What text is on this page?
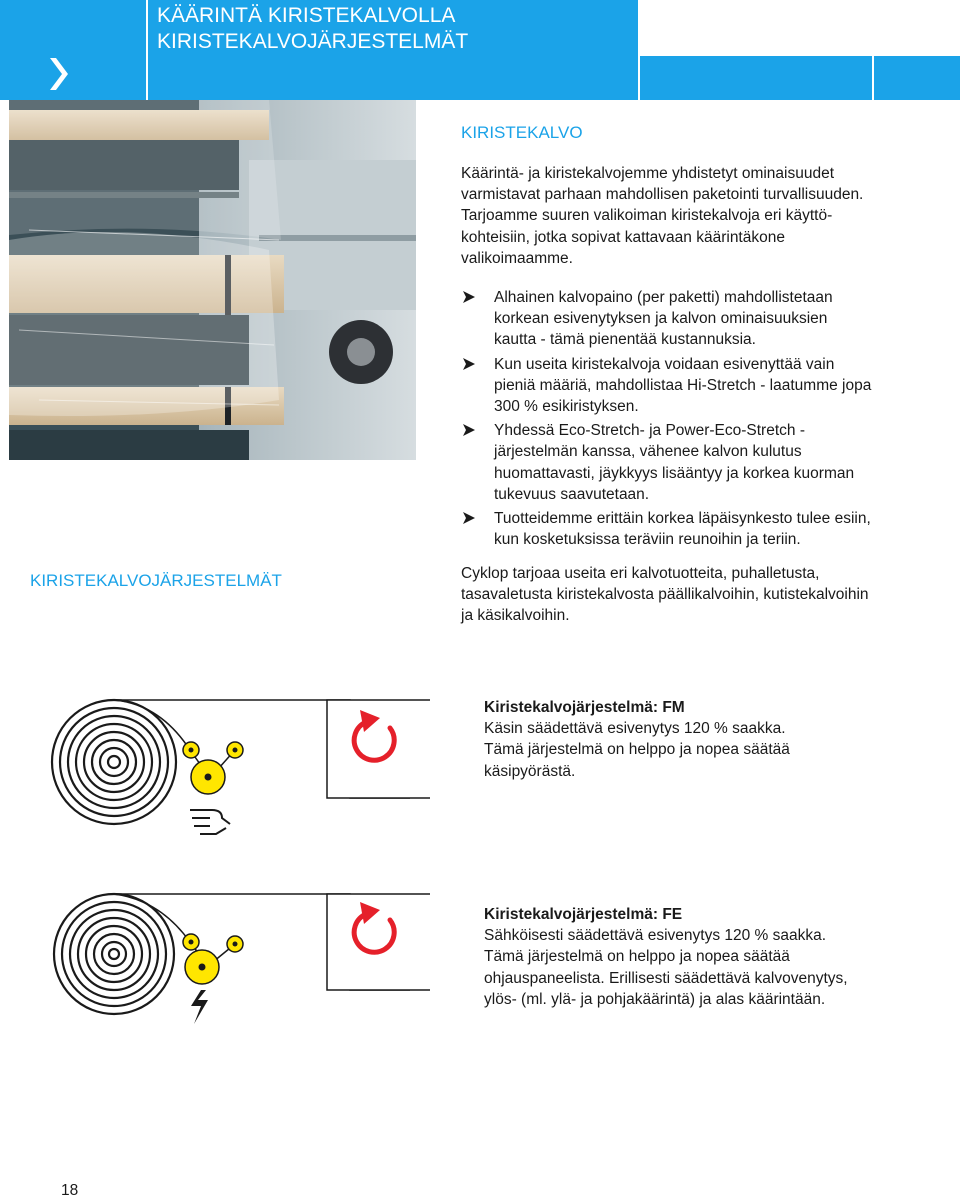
KÄÄRINTÄ KIRISTEKALVOLLA
KIRISTEKALVOJÄRJESTELMÄT
KIRISTEKALVO

Käärintä- ja kiristekalvojemme yhdistetyt ominaisuudet

varmistavat parhaan mahdollisen paketointi turvallisuuden.

Tarjoamme suuren valikoiman kiristekalvoja eri käyttö-

kohteisiin, jotka sopivat kattavaan käärintäkone

valikoimaamme.

Alhainen kalvopaino (per paketti) mahdollistetaan

korkean esivenytyksen ja kalvon ominaisuuksien

kautta - tämä pienentää kustannuksia.

Kun useita kiristekalvoja voidaan esivenyttää vain

pieniä määriä, mahdollistaa Hi-Stretch - laatumme jopa

300 % esikiristyksen.

Yhdessä Eco-Stretch- ja Power-Eco-Stretch -

järjestelmän kanssa, vähenee kalvon kulutus

huomattavasti, jäykkyys lisääntyy ja korkea kuorman

tukevuus saavutetaan.

Tuotteidemme erittäin korkea läpäisynkesto tulee esiin,

kun kosketuksissa teräviin reunoihin ja teriin.

KIRISTEKALVOJÄRJESTELMÄT	Cyklop tarjoaa useita eri kalvotuotteita, puhalletusta,

tasavaletusta kiristekalvosta päällikalvoihin, kutistekalvoihin

ja käsikalvoihin.

Kiristekalvojärjestelmä: FM

Käsin säädettävä esivenytys 120 % saakka.

Tämä järjestelmä on helppo ja nopea säätää

käsipyörästä.

Kiristekalvojärjestelmä: FE

Sähköisesti säädettävä esivenytys 120 % saakka.

Tämä järjestelmä on helppo ja nopea säätää

ohjauspaneelista. Erillisesti säädettävä kalvovenytys,

ylös- (ml. ylä- ja pohjakäärintä) ja alas käärintään.

18
